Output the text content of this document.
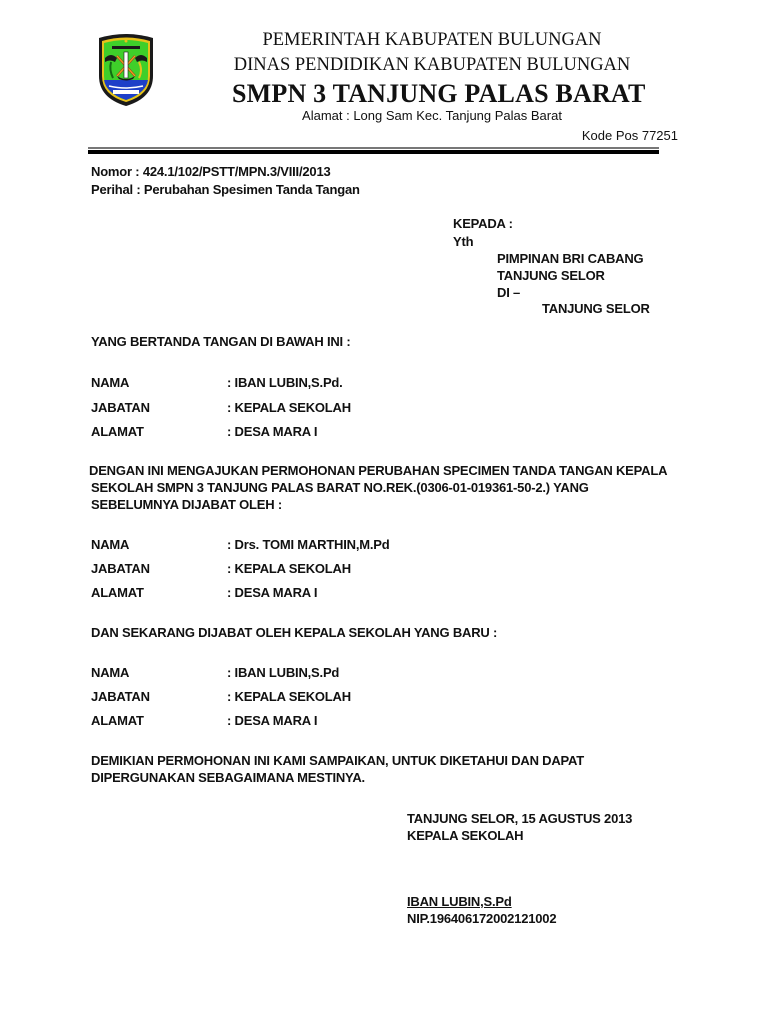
PEMERINTAH KABUPATEN BULUNGAN
DINAS PENDIDIKAN KABUPATEN BULUNGAN
SMPN 3 TANJUNG PALAS BARAT
Alamat : Long Sam Kec. Tanjung Palas Barat
Kode Pos 77251
Nomor : 424.1/102/PSTT/MPN.3/VIII/2013
Perihal : Perubahan Spesimen Tanda Tangan
KEPADA :
Yth
PIMPINAN BRI CABANG
TANJUNG SELOR
DI –
TANJUNG SELOR
YANG BERTANDA TANGAN DI BAWAH INI :
NAMA	: IBAN LUBIN,S.Pd.
JABATAN	: KEPALA SEKOLAH
ALAMAT	: DESA MARA I
DENGAN INI MENGAJUKAN PERMOHONAN PERUBAHAN SPECIMEN TANDA TANGAN KEPALA
SEKOLAH SMPN 3 TANJUNG PALAS BARAT NO.REK.(0306-01-019361-50-2.) YANG
SEBELUMNYA DIJABAT OLEH :
NAMA	: Drs. TOMI MARTHIN,M.Pd
JABATAN	: KEPALA SEKOLAH
ALAMAT	: DESA MARA I
DAN SEKARANG DIJABAT OLEH KEPALA SEKOLAH YANG BARU :
NAMA	: IBAN LUBIN,S.Pd
JABATAN	: KEPALA SEKOLAH
ALAMAT	: DESA MARA I
DEMIKIAN PERMOHONAN INI KAMI SAMPAIKAN, UNTUK DIKETAHUI DAN DAPAT
DIPERGUNAKAN SEBAGAIMANA MESTINYA.
TANJUNG SELOR, 15 AGUSTUS 2013
KEPALA SEKOLAH
IBAN LUBIN,S.Pd
NIP.196406172002121002
